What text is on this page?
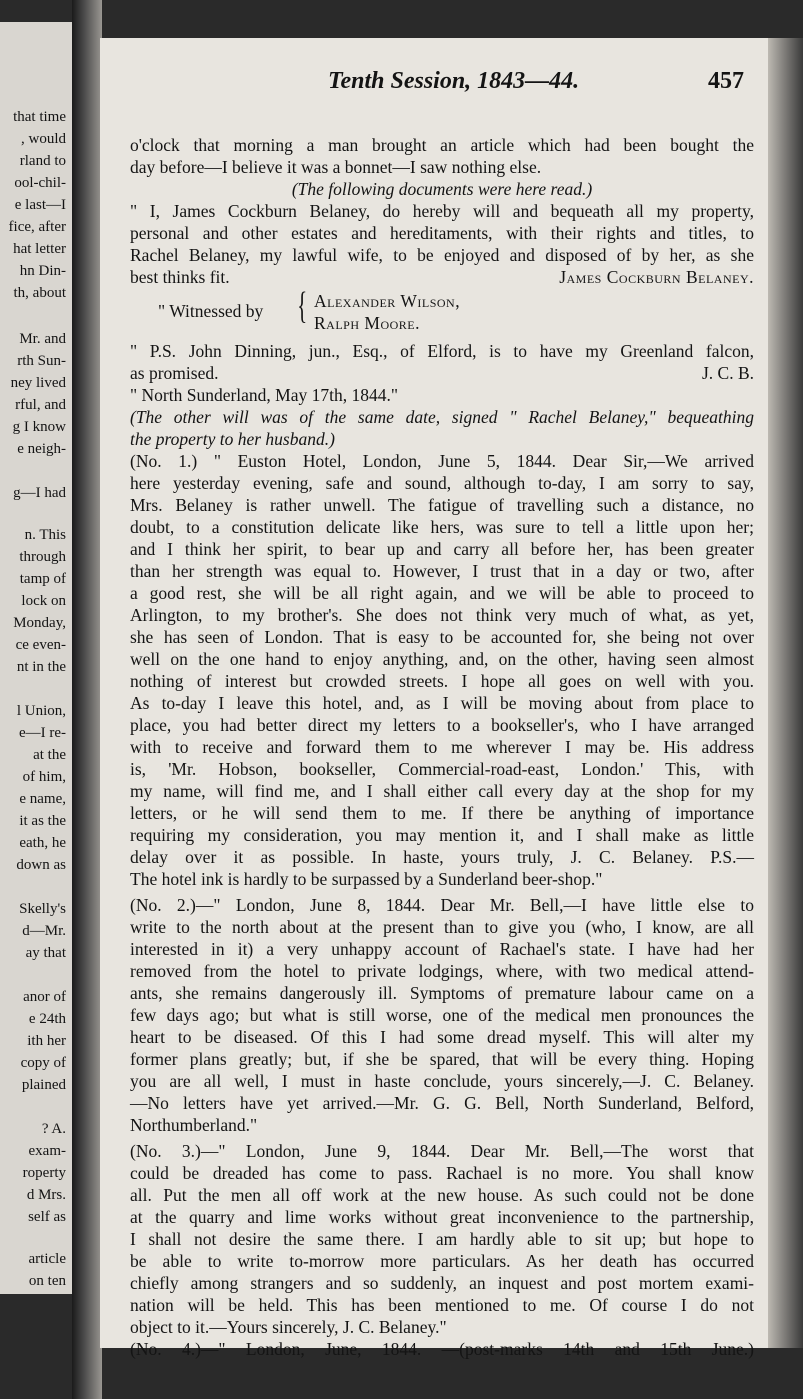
that time
, would
rland to
ool-chil-
e last—I
fice, after
hat letter
hn Din-
th, about
Mr. and
rth Sun-
ney lived
rful, and
g I know
e neigh-
g—I had
n. This
through
tamp of
lock on
Monday,
ce even-
nt in the
l Union,
e—I re-
at the
of him,
e name,
it as the
eath, he
down as
Skelly's
d—Mr.
ay that
anor of
e 24th
ith her
copy of
plained
? A.
exam-
roperty
d Mrs.
self as
article
on ten
Tenth Session, 1843—44.	457
o'clock that morning a man brought an article which had been bought the
day before—I believe it was a bonnet—I saw nothing else.
(The following documents were here read.)
" I, James Cockburn Belaney, do hereby will and bequeath all my property,
personal and other estates and hereditaments, with their rights and titles, to
Rachel Belaney, my lawful wife, to be enjoyed and disposed of by her, as she
best thinks fit.	James Cockburn Belaney.
" Witnessed by { Alexander Wilson,
Ralph Moore.
" P.S. John Dinning, jun., Esq., of Elford, is to have my Greenland falcon,
as promised.	J. C. B.
" North Sunderland, May 17th, 1844."
(The other will was of the same date, signed " Rachel Belaney," bequeathing
the property to her husband.)
(No. 1.) " Euston Hotel, London, June 5, 1844. Dear Sir,—We arrived
here yesterday evening, safe and sound, although to-day, I am sorry to say,
Mrs. Belaney is rather unwell. The fatigue of travelling such a distance, no
doubt, to a constitution delicate like hers, was sure to tell a little upon her;
and I think her spirit, to bear up and carry all before her, has been greater
than her strength was equal to. However, I trust that in a day or two, after
a good rest, she will be all right again, and we will be able to proceed to
Arlington, to my brother's. She does not think very much of what, as yet,
she has seen of London. That is easy to be accounted for, she being not over
well on the one hand to enjoy anything, and, on the other, having seen almost
nothing of interest but crowded streets. I hope all goes on well with you.
As to-day I leave this hotel, and, as I will be moving about from place to
place, you had better direct my letters to a bookseller's, who I have arranged
with to receive and forward them to me wherever I may be. His address
is, 'Mr. Hobson, bookseller, Commercial-road-east, London.' This, with
my name, will find me, and I shall either call every day at the shop for my
letters, or he will send them to me. If there be anything of importance
requiring my consideration, you may mention it, and I shall make as little
delay over it as possible. In haste, yours truly, J. C. Belaney. P.S.—
The hotel ink is hardly to be surpassed by a Sunderland beer-shop."
(No. 2.)—" London, June 8, 1844. Dear Mr. Bell,—I have little else to
write to the north about at the present than to give you (who, I know, are all
interested in it) a very unhappy account of Rachael's state. I have had her
removed from the hotel to private lodgings, where, with two medical attend-
ants, she remains dangerously ill. Symptoms of premature labour came on a
few days ago; but what is still worse, one of the medical men pronounces the
heart to be diseased. Of this I had some dread myself. This will alter my
former plans greatly; but, if she be spared, that will be every thing. Hoping
you are all well, I must in haste conclude, yours sincerely,—J. C. Belaney.
—No letters have yet arrived.—Mr. G. G. Bell, North Sunderland, Belford,
Northumberland."
(No. 3.)—" London, June 9, 1844. Dear Mr. Bell,—The worst that
could be dreaded has come to pass. Rachael is no more. You shall know
all. Put the men all off work at the new house. As such could not be done
at the quarry and lime works without great inconvenience to the partnership,
I shall not desire the same there. I am hardly able to sit up; but hope to
be able to write to-morrow more particulars. As her death has occurred
chiefly among strangers and so suddenly, an inquest and post mortem exami-
nation will be held. This has been mentioned to me. Of course I do not
object to it.—Yours sincerely, J. C. Belaney."
(No. 4.)—" London, June, 1844. —(post-marks 14th and 15th June.)
